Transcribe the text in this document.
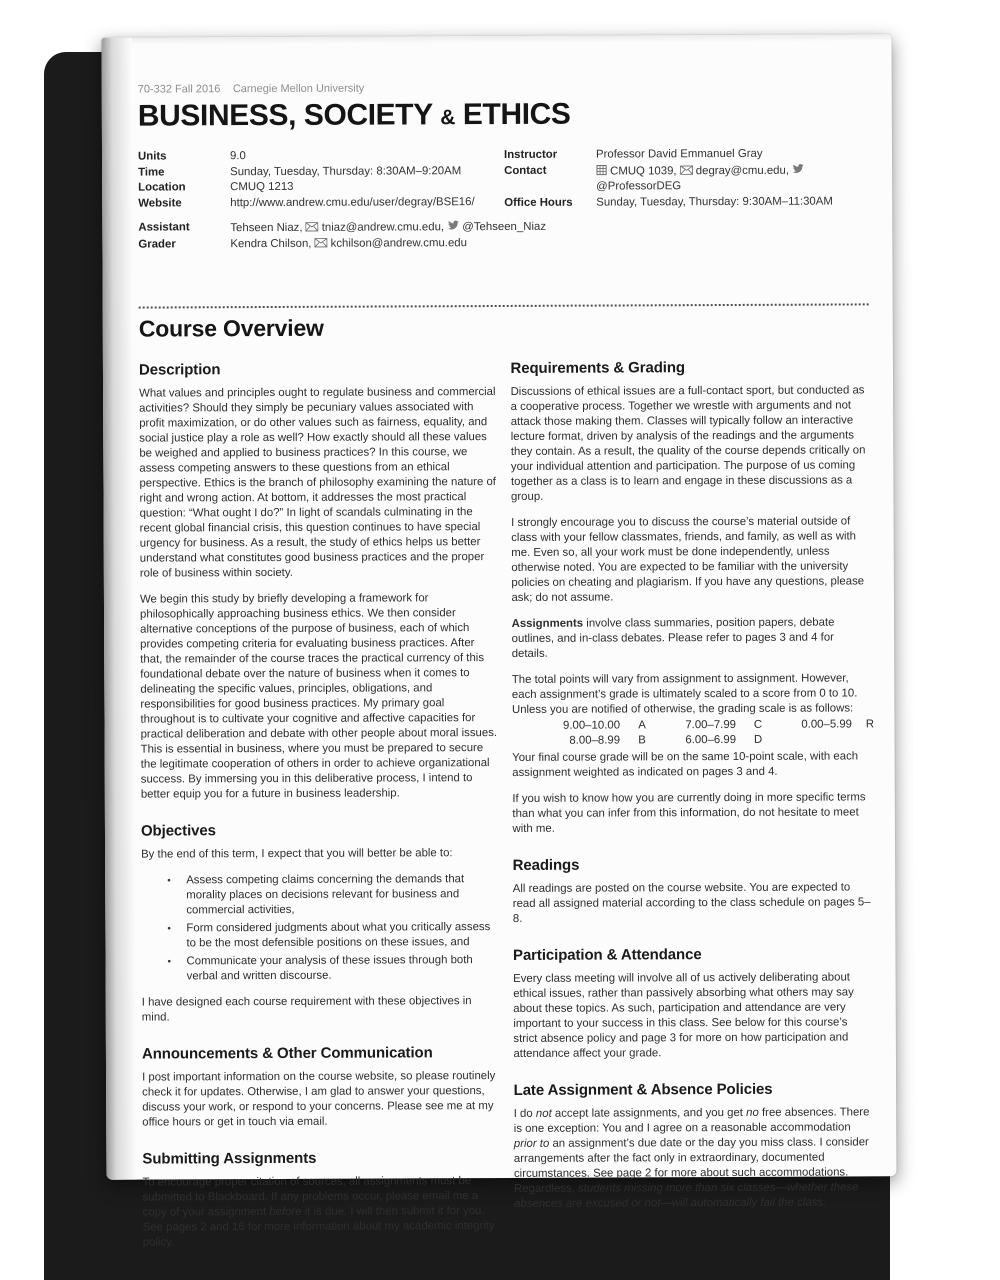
70-332 Fall 2016 Carnegie Mellon University
BUSINESS, SOCIETY & ETHICS
Units	9.0
Time	Sunday, Tuesday, Thursday: 8:30AM–9:20AM
Location	CMUQ 1213
Website	http://www.andrew.cmu.edu/user/degray/BSE16/
Instructor	Professor David Emmanuel Gray
Contact	CMUQ 1039, degray@cmu.edu, @ProfessorDEG
Office Hours	Sunday, Tuesday, Thursday: 9:30AM–11:30AM
Assistant	Tehseen Niaz, tniaz@andrew.cmu.edu, @Tehseen_Niaz
Grader	Kendra Chilson, kchilson@andrew.cmu.edu
Course Overview
Description

What values and principles ought to regulate business and commercial activities? Should they simply be pecuniary values associated with profit maximization, or do other values such as fairness, equality, and social justice play a role as well? How exactly should all these values be weighed and applied to business practices? In this course, we assess competing answers to these questions from an ethical perspective. Ethics is the branch of philosophy examining the nature of right and wrong action. At bottom, it addresses the most practical question: “What ought I do?” In light of scandals culminating in the recent global financial crisis, this question continues to have special urgency for business. As a result, the study of ethics helps us better understand what constitutes good business practices and the proper role of business within society.

We begin this study by briefly developing a framework for philosophically approaching business ethics. We then consider alternative conceptions of the purpose of business, each of which provides competing criteria for evaluating business practices. After that, the remainder of the course traces the practical currency of this foundational debate over the nature of business when it comes to delineating the specific values, principles, obligations, and responsibilities for good business practices. My primary goal throughout is to cultivate your cognitive and affective capacities for practical deliberation and debate with other people about moral issues. This is essential in business, where you must be prepared to secure the legitimate cooperation of others in order to achieve organizational success. By immersing you in this deliberative process, I intend to better equip you for a future in business leadership.

Objectives

By the end of this term, I expect that you will better be able to:

• Assess competing claims concerning the demands that morality places on decisions relevant for business and commercial activities,
• Form considered judgments about what you critically assess to be the most defensible positions on these issues, and
• Communicate your analysis of these issues through both verbal and written discourse.

I have designed each course requirement with these objectives in mind.

Announcements & Other Communication

I post important information on the course website, so please routinely check it for updates. Otherwise, I am glad to answer your questions, discuss your work, or respond to your concerns. Please see me at my office hours or get in touch via email.

Submitting Assignments

To encourage proper citation of sources, all assignments must be submitted to Blackboard. If any problems occur, please email me a copy of your assignment before it is due. I will then submit it for you. See pages 2 and 16 for more information about my academic integrity policy.

Requirements & Grading

Discussions of ethical issues are a full-contact sport, but conducted as a cooperative process. Together we wrestle with arguments and not attack those making them. Classes will typically follow an interactive lecture format, driven by analysis of the readings and the arguments they contain. As a result, the quality of the course depends critically on your individual attention and participation. The purpose of us coming together as a class is to learn and engage in these discussions as a group.

I strongly encourage you to discuss the course’s material outside of class with your fellow classmates, friends, and family, as well as with me. Even so, all your work must be done independently, unless otherwise noted. You are expected to be familiar with the university policies on cheating and plagiarism. If you have any questions, please ask; do not assume.

Assignments involve class summaries, position papers, debate outlines, and in-class debates. Please refer to pages 3 and 4 for details.

The total points will vary from assignment to assignment. However, each assignment’s grade is ultimately scaled to a score from 0 to 10. Unless you are notified of otherwise, the grading scale is as follows:

9.00–10.00	A	7.00–7.99	C	0.00–5.99	R
8.00–8.99	B	6.00–6.99	D

Your final course grade will be on the same 10-point scale, with each assignment weighted as indicated on pages 3 and 4.

If you wish to know how you are currently doing in more specific terms than what you can infer from this information, do not hesitate to meet with me.

Readings

All readings are posted on the course website. You are expected to read all assigned material according to the class schedule on pages 5–8.

Participation & Attendance

Every class meeting will involve all of us actively deliberating about ethical issues, rather than passively absorbing what others may say about these topics. As such, participation and attendance are very important to your success in this class. See below for this course’s strict absence policy and page 3 for more on how participation and attendance affect your grade.

Late Assignment & Absence Policies

I do not accept late assignments, and you get no free absences. There is one exception: You and I agree on a reasonable accommodation prior to an assignment’s due date or the day you miss class. I consider arrangements after the fact only in extraordinary, documented circumstances. See page 2 for more about such accommodations. Regardless, students missing more than six classes—whether these absences are excused or not—will automatically fail the class.
